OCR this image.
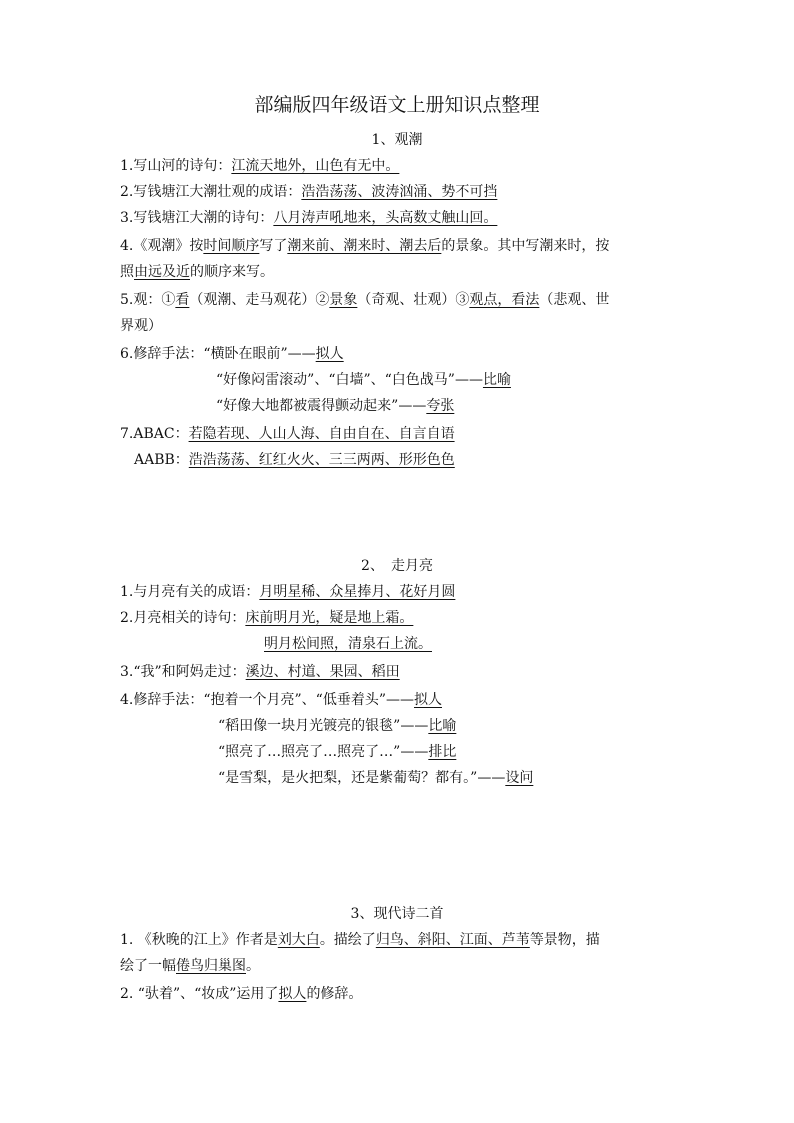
部编版四年级语文上册知识点整理
1、观潮
1.写山河的诗句：江流天地外，山色有无中。
2.写钱塘江大潮壮观的成语：浩浩荡荡、波涛汹涌、势不可挡
3.写钱塘江大潮的诗句：八月涛声吼地来，头高数丈触山回。
4.《观潮》按时间顺序写了潮来前、潮来时、潮去后的景象。其中写潮来时，按
照由远及近的顺序来写。
5.观：①看（观潮、走马观花）②景象（奇观、壮观）③观点，看法（悲观、世
界观）
6.修辞手法：“横卧在眼前”——拟人
“好像闷雷滚动”、“白墙”、“白色战马”——比喻
“好像大地都被震得颤动起来”——夸张
7.ABAC：若隐若现、人山人海、自由自在、自言自语
AABB：浩浩荡荡、红红火火、三三两两、形形色色
2、　走月亮
1.与月亮有关的成语：月明星稀、众星捧月、花好月圆
2.月亮相关的诗句：床前明月光，疑是地上霜。
明月松间照，清泉石上流。
3.“我”和阿妈走过：溪边、村道、果园、稻田
4.修辞手法：“抱着一个月亮”、“低垂着头”——拟人
“稻田像一块月光镀亮的银毯”——比喻
“照亮了…照亮了…照亮了…”——排比
“是雪梨，是火把梨，还是紫葡萄？都有。”——设问
3、现代诗二首
1. 《秋晚的江上》作者是刘大白。描绘了归鸟、斜阳、江面、芦苇等景物，描
绘了一幅倦鸟归巢图。
2. “驮着”、“妆成”运用了拟人的修辞。
